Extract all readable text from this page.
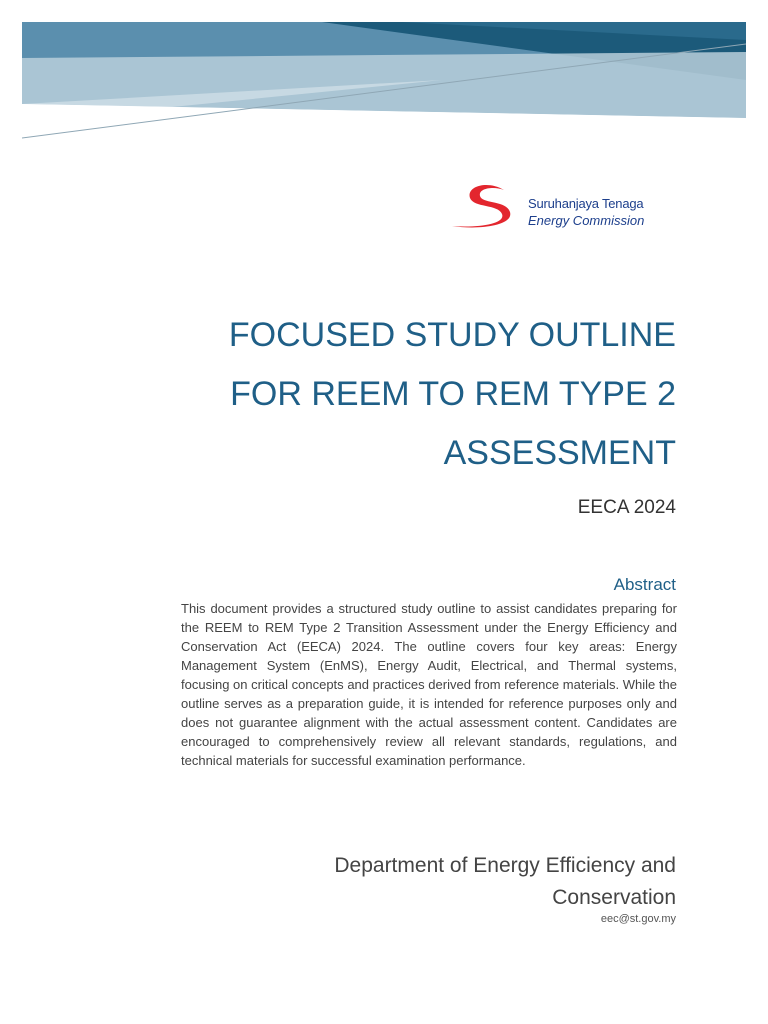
Suruhanjaya Tenaga
Energy Commission
FOCUSED STUDY OUTLINE
FOR REEM TO REM TYPE 2
ASSESSMENT
EECA 2024
Abstract

This document provides a structured study outline to assist candidates preparing for the REEM to REM Type 2 Transition Assessment under the Energy Efficiency and Conservation Act (EECA) 2024. The outline covers four key areas: Energy Management System (EnMS), Energy Audit, Electrical, and Thermal systems, focusing on critical concepts and practices derived from reference materials. While the outline serves as a preparation guide, it is intended for reference purposes only and does not guarantee alignment with the actual assessment content. Candidates are encouraged to comprehensively review all relevant standards, regulations, and technical materials for successful examination performance.

Department of Energy Efficiency and Conservation
eec@st.gov.my
